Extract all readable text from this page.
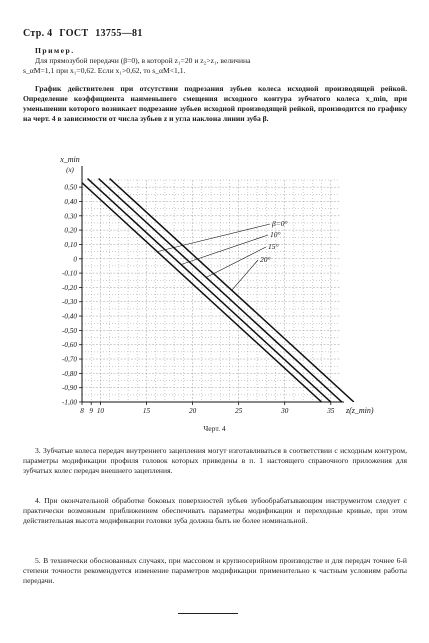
Стр. 4 ГОСТ 13755—81

Пример.

Для прямозубой передачи (β=0), в которой z₁=20 и z₂>z₁, величина

s_αM=1,1 при x₁=0,62. Если x₁>0,62, то s_αM<1,1.

График действителен при отсутствии подрезания зубьев колеса исходной производящей рейкой. Определение коэффициента наименьшего смещения исходного контура зубчатого колеса x_min, при уменьшении которого возникает подрезание зубьев исходной производящей рейкой, производится по графику на черт. 4 в зависимости от числа зубьев z и угла наклона линии зуба β.

0,50
0,40
0,30
0,20
0,10
0
-0,10
-0,20
-0,30
-0,40
-0,50
-0,60
-0,70
-0,80
-0,90
-1,00
8 9 10	15	20	25	30	35
x_min
(x)
z(z_min)
β=0°
10°
15°
20°
Черт. 4

3. Зубчатые колеса передач внутреннего зацепления могут изготавливаться в соответствии с исходным контуром, параметры модификации профиля головок которых приведены в п. 1 настоящего справочного приложения для зубчатых колес передач внешнего зацепления.

4. При окончательной обработке боковых поверхностей зубьев зубообрабатывающим инструментом следует с практически возможным приближением обеспечивать параметры модификации и переходные кривые, при этом действительная высота модификации головки зуба должна быть не более номинальной.

5. В технически обоснованных случаях, при массовом и крупносерийном производстве и для передач точнее 6-й степени точности рекомендуется изменение параметров модификации применительно к частным условиям работы передачи.
